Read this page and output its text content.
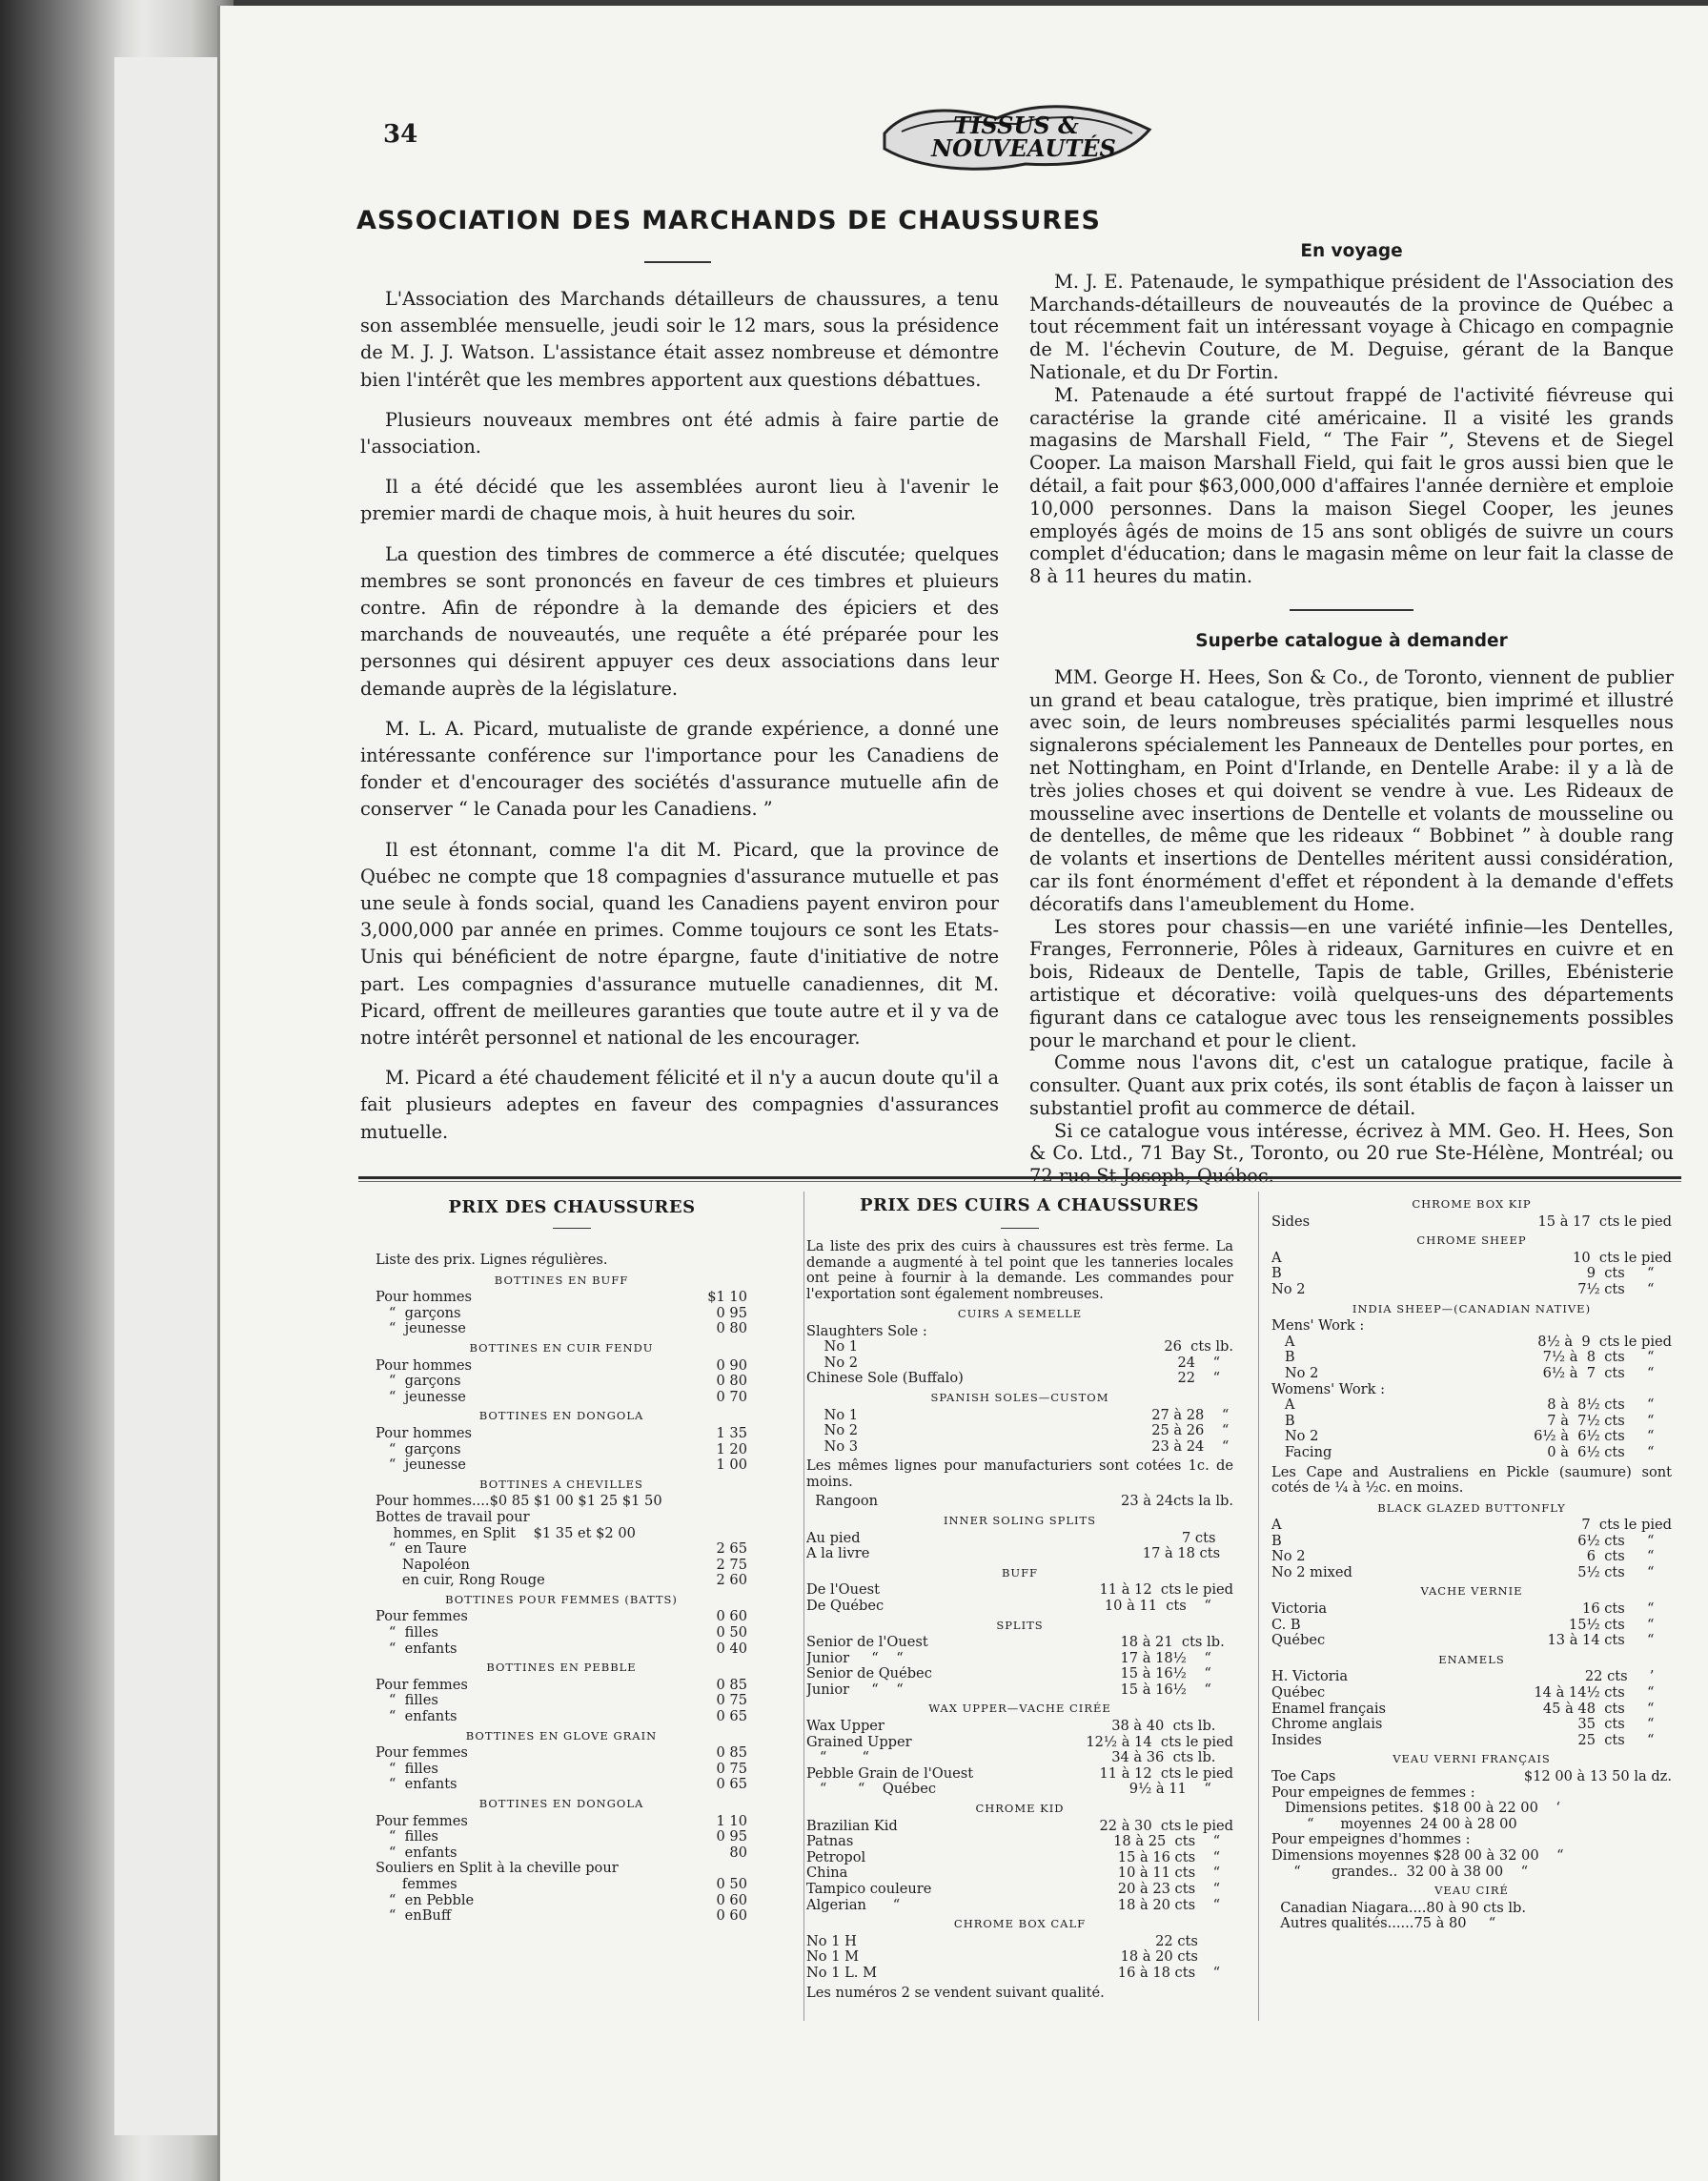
34	TISSUS &
NOUVEAUTÉS
ASSOCIATION DES MARCHANDS DE CHAUSSURES

L'Association des Marchands détailleurs de chaussures, a tenu son assemblée mensuelle, jeudi soir le 12 mars, sous la présidence de M. J. J. Watson. L'assistance était assez nombreuse et démontre bien l'intérêt que les membres apportent aux questions débattues.

Plusieurs nouveaux membres ont été admis à faire partie de l'association.

Il a été décidé que les assemblées auront lieu à l'avenir le premier mardi de chaque mois, à huit heures du soir.

La question des timbres de commerce a été discutée; quelques membres se sont prononcés en faveur de ces timbres et pluieurs contre. Afin de répondre à la demande des épiciers et des marchands de nouveautés, une requête a été préparée pour les personnes qui désirent appuyer ces deux associations dans leur demande auprès de la législature.

M. L. A. Picard, mutualiste de grande expérience, a donné une intéressante conférence sur l'importance pour les Canadiens de fonder et d'encourager des sociétés d'assurance mutuelle afin de conserver “ le Canada pour les Canadiens. ”

Il est étonnant, comme l'a dit M. Picard, que la province de Québec ne compte que 18 compagnies d'assurance mutuelle et pas une seule à fonds social, quand les Canadiens payent environ pour 3,000,000 par année en primes. Comme toujours ce sont les Etats-Unis qui bénéficient de notre épargne, faute d'initiative de notre part. Les compagnies d'assurance mutuelle canadiennes, dit M. Picard, offrent de meilleures garanties que toute autre et il y va de notre intérêt personnel et national de les encourager.

M. Picard a été chaudement félicité et il n'y a aucun doute qu'il a fait plusieurs adeptes en faveur des compagnies d'assurances mutuelle.

En voyage

M. J. E. Patenaude, le sympathique président de l'Association des Marchands-détailleurs de nouveautés de la province de Québec a tout récemment fait un intéressant voyage à Chicago en compagnie de M. l'échevin Couture, de M. Deguise, gérant de la Banque Nationale, et du Dr Fortin.

M. Patenaude a été surtout frappé de l'activité fiévreuse qui caractérise la grande cité américaine. Il a visité les grands magasins de Marshall Field, “ The Fair ”, Stevens et de Siegel Cooper. La maison Marshall Field, qui fait le gros aussi bien que le détail, a fait pour $63,000,000 d'affaires l'année dernière et emploie 10,000 personnes. Dans la maison Siegel Cooper, les jeunes employés âgés de moins de 15 ans sont obligés de suivre un cours complet d'éducation; dans le magasin même on leur fait la classe de 8 à 11 heures du matin.

Superbe catalogue à demander

MM. George H. Hees, Son & Co., de Toronto, viennent de publier un grand et beau catalogue, très pratique, bien imprimé et illustré avec soin, de leurs nombreuses spécialités parmi lesquelles nous signalerons spécialement les Panneaux de Dentelles pour portes, en net Nottingham, en Point d'Irlande, en Dentelle Arabe: il y a là de très jolies choses et qui doivent se vendre à vue. Les Rideaux de mousseline avec insertions de Dentelle et volants de mousseline ou de dentelles, de même que les rideaux “ Bobbinet ” à double rang de volants et insertions de Dentelles méritent aussi considération, car ils font énormément d'effet et répondent à la demande d'effets décoratifs dans l'ameublement du Home.

Les stores pour chassis—en une variété infinie—les Dentelles, Franges, Ferronnerie, Pôles à rideaux, Garnitures en cuivre et en bois, Rideaux de Dentelle, Tapis de table, Grilles, Ebénisterie artistique et décorative: voilà quelques-uns des départements figurant dans ce catalogue avec tous les renseignements possibles pour le marchand et pour le client.

Comme nous l'avons dit, c'est un catalogue pratique, facile à consulter. Quant aux prix cotés, ils sont établis de façon à laisser un substantiel profit au commerce de détail.

Si ce catalogue vous intéresse, écrivez à MM. Geo. H. Hees, Son & Co. Ltd., 71 Bay St., Toronto, ou 20 rue Ste-Hélène, Montréal; ou

PRIX DES CHAUSSURES
Liste des prix. Lignes régulières.
BOTTINES EN BUFF
Pour hommes	$1 10
“  garçons	0 95
“  jeunesse	0 80
BOTTINES EN CUIR FENDU
Pour hommes	0 90
“  garçons	0 80
“  jeunesse	0 70
BOTTINES EN DONGOLA
Pour hommes	1 35
“  garçons	1 20
“  jeunesse	1 00
BOTTINES A CHEVILLES
Pour hommes....$0 85 $1 00 $1 25 $1 50
Bottes de travail pour
hommes, en Split    $1 35 et $2 00
“  en Taure	2 65
Napoléon	2 75
en cuir, Rong Rouge	2 60
BOTTINES POUR FEMMES (BATTS)
Pour femmes	0 60
“  filles	0 50
“  enfants	0 40
BOTTINES EN PEBBLE
Pour femmes	0 85
“  filles	0 75
“  enfants	0 65
BOTTINES EN GLOVE GRAIN
Pour femmes	0 85
“  filles	0 75
“  enfants	0 65
BOTTINES EN DONGOLA
Pour femmes	1 10
“  filles	0 95
“  enfants	80
Souliers en Split à la cheville pour
femmes	0 50
“  en Pebble	0 60
“  enBuff	0 60
PRIX DES CUIRS A CHAUSSURES
La liste des prix des cuirs à chaussures est très ferme. La demande a augmenté à tel point que les tanneries locales ont peine à fournir à la demande. Les commandes pour l'exportation sont également nombreuses.
CUIRS A SEMELLE
Slaughters Sole :
No 1	26  cts lb.
No 2	24    “
Chinese Sole (Buffalo)	22    “
SPANISH SOLES—CUSTOM
No 1	27 à 28    “
No 2	25 à 26    “
No 3	23 à 24    “
Les mêmes lignes pour manufacturiers sont cotées 1c. de moins.
Rangoon	23 à 24cts la lb.
INNER SOLING SPLITS
Au pied	7 cts
A la livre	17 à 18 cts
BUFF
De l'Ouest	11 à 12  cts le pied
De Québec	10 à 11  cts    “
SPLITS
Senior de l'Ouest	18 à 21  cts lb.
Junior     “    “	17 à 18½    “
Senior de Québec	15 à 16½    “
Junior     “    “	15 à 16½    “
WAX UPPER—VACHE CIRÉE
Wax Upper	38 à 40  cts lb.
Grained Upper	12½ à 14  cts le pied
“        “	34 à 36  cts lb.
Pebble Grain de l'Ouest	11 à 12  cts le pied
“       “    Québec	9½ à 11    “
CHROME KID
Brazilian Kid	22 à 30  cts le pied
Patnas	18 à 25  cts    “
Petropol	15 à 16 cts    “
China	10 à 11 cts    “
Tampico couleure	20 à 23 cts    “
Algerian      “	18 à 20 cts    “
CHROME BOX CALF
No 1 H	22 cts
No 1 M	18 à 20 cts
No 1 L. M	16 à 18 cts    “
Les numéros 2 se vendent suivant qualité.
CHROME BOX KIP
Sides	15 à 17  cts le pied
CHROME SHEEP
A	10  cts le pied
B	9  cts     “
No 2	7½ cts     “
INDIA SHEEP—(CANADIAN NATIVE)
Mens' Work :
A	8½ à  9  cts le pied
B	7½ à  8  cts     “
No 2	6½ à  7  cts     “
Womens' Work :
A	8 à  8½ cts     “
B	7 à  7½ cts     “
No 2	6½ à  6½ cts     “
Facing	0 à  6½ cts     “
Les Cape and Australiens en Pickle (saumure) sont cotés de ¼ à ½c. en moins.
BLACK GLAZED BUTTONFLY
A	7  cts le pied
B	6½ cts     “
No 2	6  cts     “
No 2 mixed	5½ cts     “
VACHE VERNIE
Victoria	16 cts     “
C. B	15½ cts     “
Québec	13 à 14 cts     “
ENAMELS
H. Victoria	22 cts     ’
Québec	14 à 14½ cts     “
Enamel français	45 à 48  cts     “
Chrome anglais	35  cts     “
Insides	25  cts     “
VEAU VERNI FRANÇAIS
Toe Caps	$12 00 à 13 50 la dz.
Pour empeignes de femmes :
Dimensions petites.  $18 00 à 22 00    ‘
“      moyennes  24 00 à 28 00
Pour empeignes d'hommes :
Dimensions moyennes $28 00 à 32 00    “
“       grandes..  32 00 à 38 00    “
VEAU CIRÉ
Canadian Niagara....80 à 90 cts lb.
Autres qualités......75 à 80     “
